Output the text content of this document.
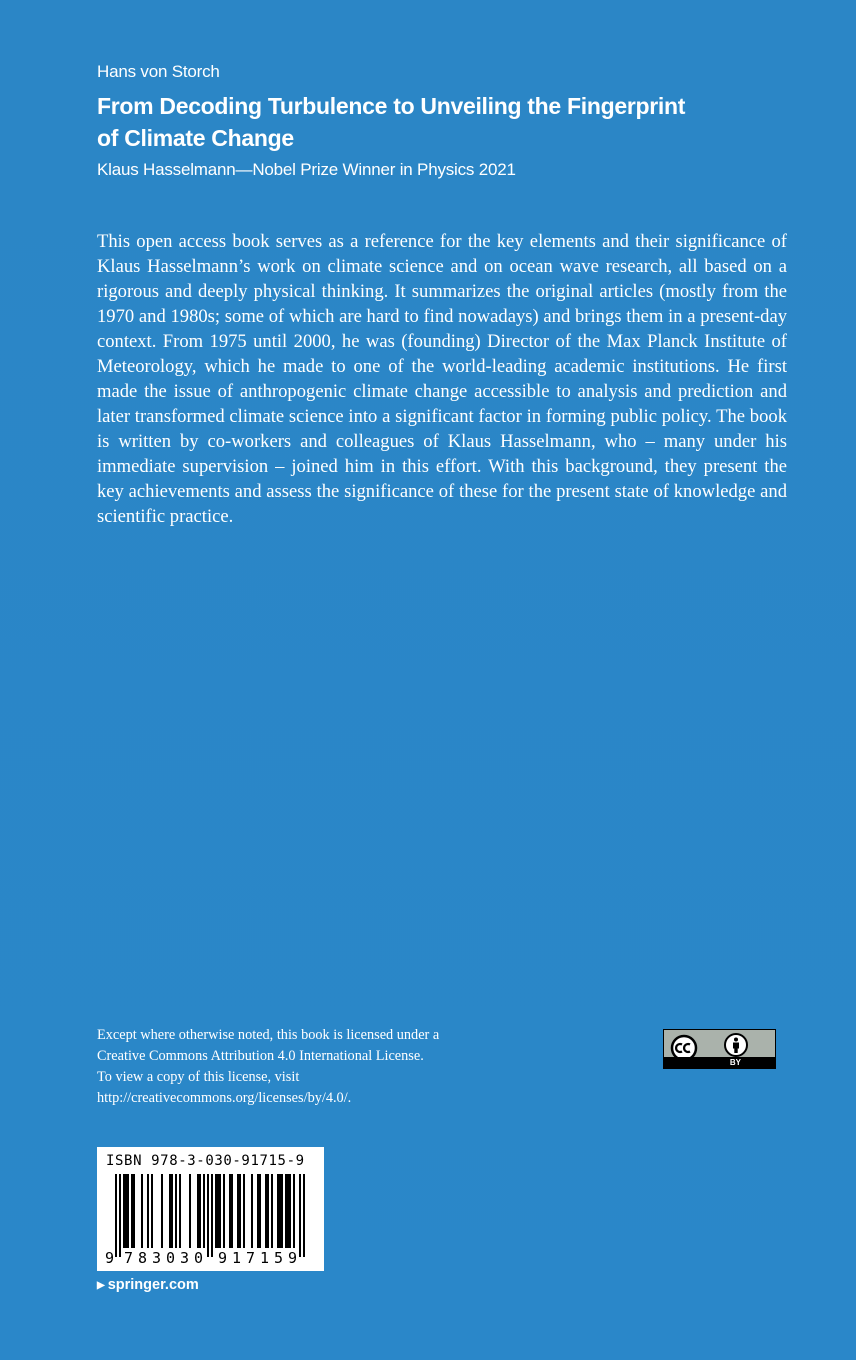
Hans von Storch
From Decoding Turbulence to Unveiling the Fingerprint
of Climate Change
Klaus Hasselmann—Nobel Prize Winner in Physics 2021
This open access book serves as a reference for the key elements and their significance of Klaus Hasselmann’s work on climate science and on ocean wave research, all based on a rigorous and deeply physical thinking. It summarizes the original articles (mostly from the 1970 and 1980s; some of which are hard to find nowadays) and brings them in a present-day context. From 1975 until 2000, he was (founding) Director of the Max Planck Institute of Meteorology, which he made to one of the world-leading academic institutions. He first made the issue of anthropogenic climate change accessible to analysis and prediction and later transformed climate science into a significant factor in forming public policy. The book is written by co-workers and colleagues of Klaus Hasselmann, who – many under his immediate supervision – joined him in this effort. With this background, they present the key achievements and assess the significance of these for the present state of knowledge and scientific practice.
Except where otherwise noted, this book is licensed under a
Creative Commons Attribution 4.0 International License.
To view a copy of this license, visit
http://creativecommons.org/licenses/by/4.0/.
BY
ISBN 978-3-030-91715-9
9 7 8 3 0 3 0 9 1 7 1 5 9
▶ springer.com
